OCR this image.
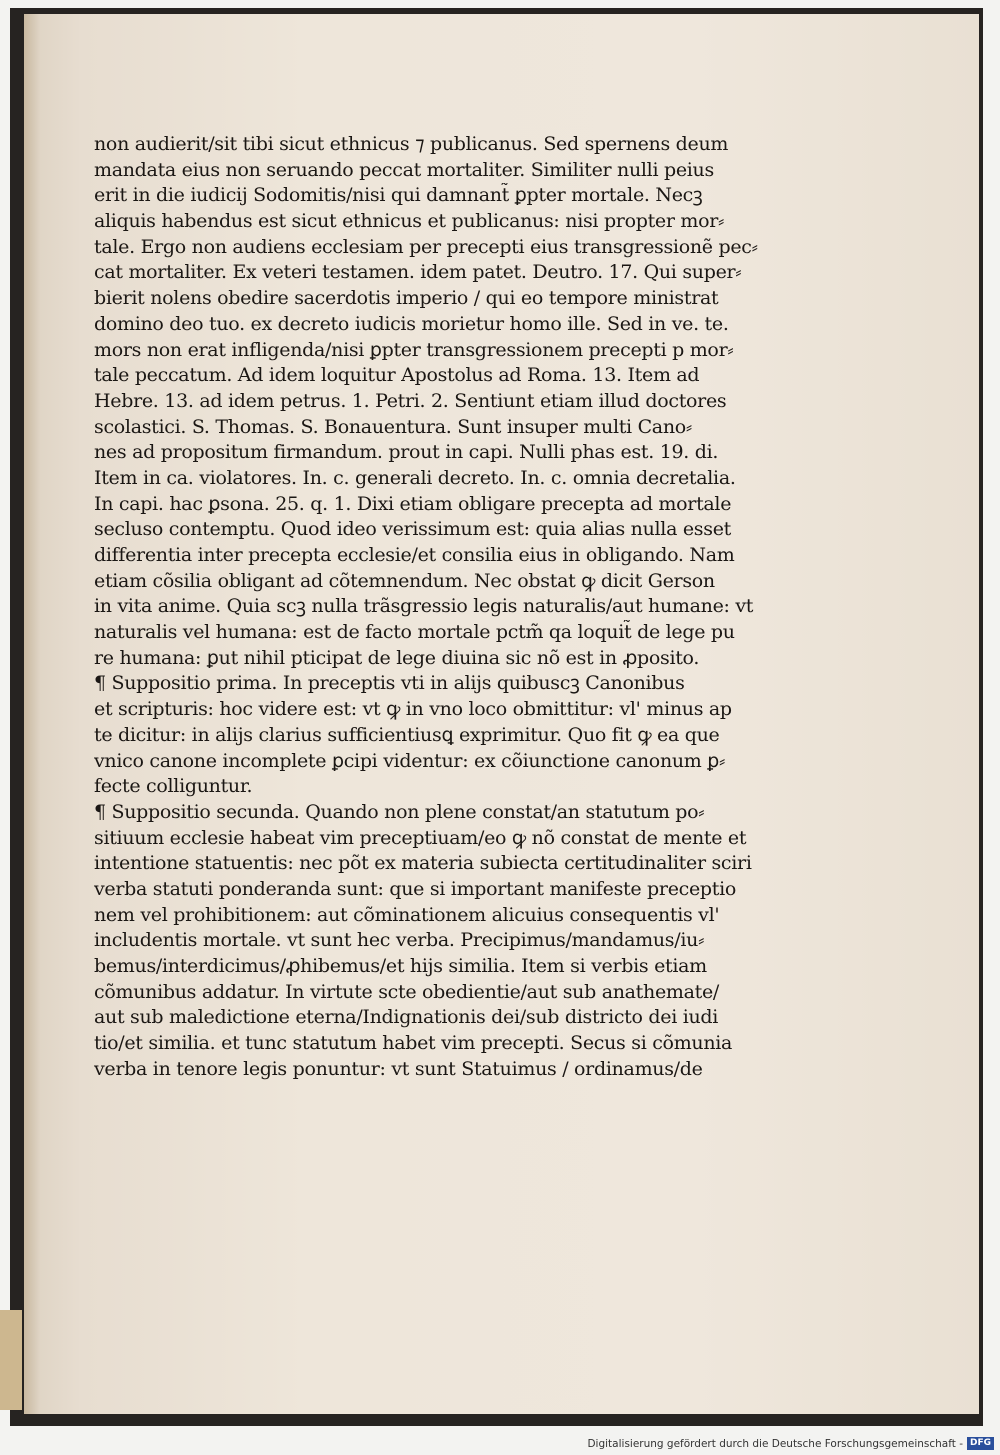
non audierit/sit tibi sicut ethnicus ⁊ publicanus. Sed spernens deum
mandata eius non seruando peccat mortaliter. Similiter nulli peius
erit in die iudicij Sodomitis/nisi qui damnant̃ ꝑpter mortale. Necꝫ
aliquis habendus est sicut ethnicus et publicanus: nisi propter mor⸗
tale. Ergo non audiens ecclesiam per precepti eius transgressionẽ pec⸗
cat mortaliter. Ex veteri testamen. idem patet. Deutro. 17. Qui super⸗
bierit nolens obedire sacerdotis imperio / qui eo tempore ministrat
domino deo tuo. ex decreto iudicis morietur homo ille. Sed in ve. te.
mors non erat infligenda/nisi ꝑpter transgressionem precepti p mor⸗
tale peccatum. Ad idem loquitur Apostolus ad Roma. 13. Item ad
Hebre. 13. ad idem petrus. 1. Petri. 2. Sentiunt etiam illud doctores
scolastici. S. Thomas. S. Bonauentura. Sunt insuper multi Cano⸗
nes ad propositum firmandum. prout in capi. Nulli phas est. 19. di.
Item in ca. violatores. In. c. generali decreto. In. c. omnia decretalia.
In capi. hac ꝑsona. 25. q. 1. Dixi etiam obligare precepta ad mortale
secluso contemptu. Quod ideo verissimum est: quia alias nulla esset
differentia inter precepta ecclesie/et consilia eius in obligando. Nam
etiam cõsilia obligant ad cõtemnendum. Nec obstat ꝙ dicit Gerson
in vita anime. Quia scꝫ nulla trãsgressio legis naturalis/aut humane: vt
naturalis vel humana: est de facto mortale pctm̃ qa loquit̃ de lege pu
re humana: ꝑut nihil pticipat de lege diuina sic nõ est in ꝓposito.
¶ Suppositio prima. In preceptis vti in alijs quibuscꝫ Canonibus
et scripturis: hoc videre est: vt ꝙ in vno loco obmittitur: vl' minus ap
te dicitur: in alijs clarius sufficientiusꝗ exprimitur. Quo fit ꝙ ea que
vnico canone incomplete ꝑcipi videntur: ex cõiunctione canonum ꝑ⸗
fecte colliguntur.
¶ Suppositio secunda. Quando non plene constat/an statutum po⸗
sitiuum ecclesie habeat vim preceptiuam/eo ꝙ nõ constat de mente et
intentione statuentis: nec põt ex materia subiecta certitudinaliter sciri
verba statuti ponderanda sunt: que si important manifeste preceptio
nem vel prohibitionem: aut cõminationem alicuius consequentis vl'
includentis mortale. vt sunt hec verba. Precipimus/mandamus/iu⸗
bemus/interdicimus/ꝓhibemus/et hijs similia. Item si verbis etiam
cõmunibus addatur. In virtute scte obedientie/aut sub anathemate/
aut sub maledictione eterna/Indignationis dei/sub districto dei iudi
tio/et similia. et tunc statutum habet vim precepti. Secus si cõmunia
verba in tenore legis ponuntur: vt sunt Statuimus / ordinamus/de
Digitalisierung gefördert durch die Deutsche Forschungsgemeinschaft - DFG
